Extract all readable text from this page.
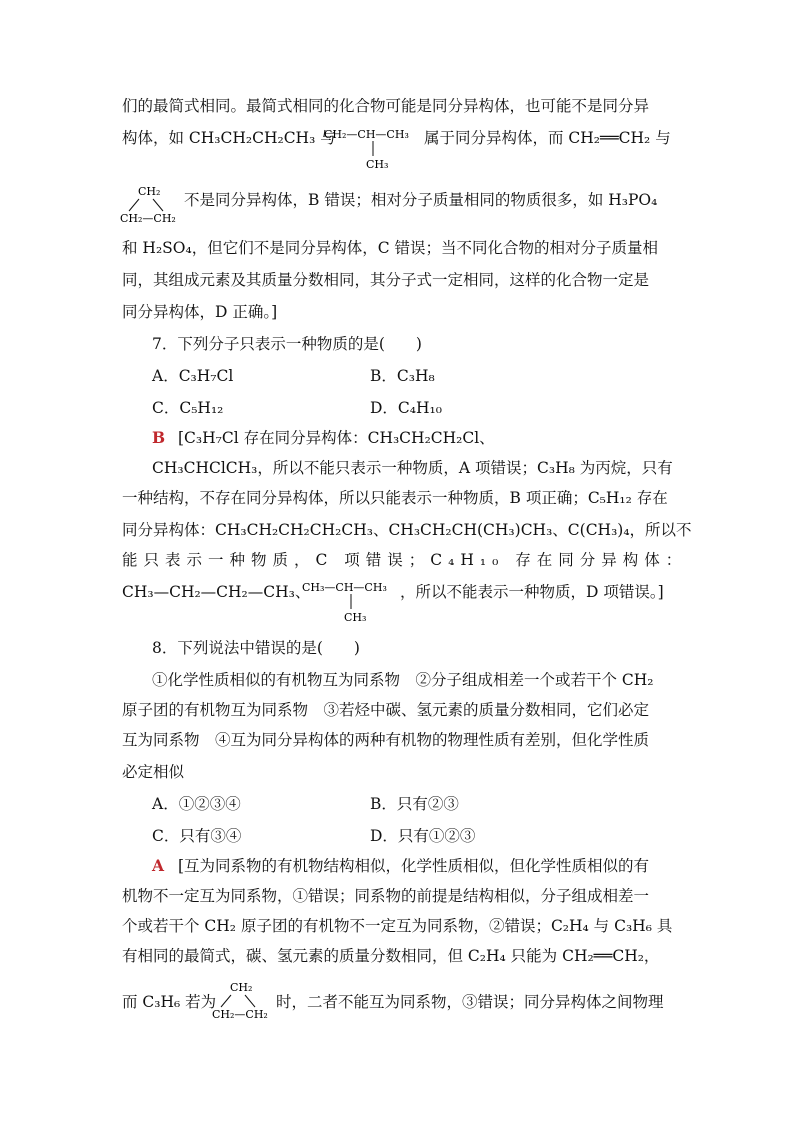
们的最简式相同。最简式相同的化合物可能是同分异构体，也可能不是同分异
构体，如 CH₃CH₂CH₂CH₃ 与
CH₂—CH—CH₃
CH₃
属于同分异构体，而 CH₂══CH₂ 与
CH₂
CH₂—CH₂
不是同分异构体，B 错误；相对分子质量相同的物质很多，如 H₃PO₄
和 H₂SO₄，但它们不是同分异构体，C 错误；当不同化合物的相对分子质量相
同，其组成元素及其质量分数相同，其分子式一定相同，这样的化合物一定是
同分异构体，D 正确。]
7．下列分子只表示一种物质的是(　　)
A．C₃H₇Cl	B．C₃H₈
C．C₅H₁₂	D．C₄H₁₀
B [C₃H₇Cl 存在同分异构体：CH₃CH₂CH₂Cl、
CH₃CHClCH₃，所以不能只表示一种物质，A 项错误；C₃H₈ 为丙烷，只有
一种结构，不存在同分异构体，所以只能表示一种物质，B 项正确；C₅H₁₂ 存在
同分异构体：CH₃CH₂CH₂CH₂CH₃、CH₃CH₂CH(CH₃)CH₃、C(CH₃)₄，所以不
能只表示一种物质，C 项错误；C₄H₁₀ 存在同分异构体：
CH₃—CH₂—CH₂—CH₃、
CH₃—CH—CH₃
CH₃
，所以不能表示一种物质，D 项错误。]
8．下列说法中错误的是(　　)
①化学性质相似的有机物互为同系物　②分子组成相差一个或若干个 CH₂
原子团的有机物互为同系物　③若烃中碳、氢元素的质量分数相同，它们必定
互为同系物　④互为同分异构体的两种有机物的物理性质有差别，但化学性质
必定相似
A．①②③④	B．只有②③
C．只有③④	D．只有①②③
A [互为同系物的有机物结构相似，化学性质相似，但化学性质相似的有
机物不一定互为同系物，①错误；同系物的前提是结构相似，分子组成相差一
个或若干个 CH₂ 原子团的有机物不一定互为同系物，②错误；C₂H₄ 与 C₃H₆ 具
有相同的最简式，碳、氢元素的质量分数相同，但 C₂H₄ 只能为 CH₂══CH₂，
而 C₃H₆ 若为
CH₂
CH₂—CH₂
时，二者不能互为同系物，③错误；同分异构体之间物理
